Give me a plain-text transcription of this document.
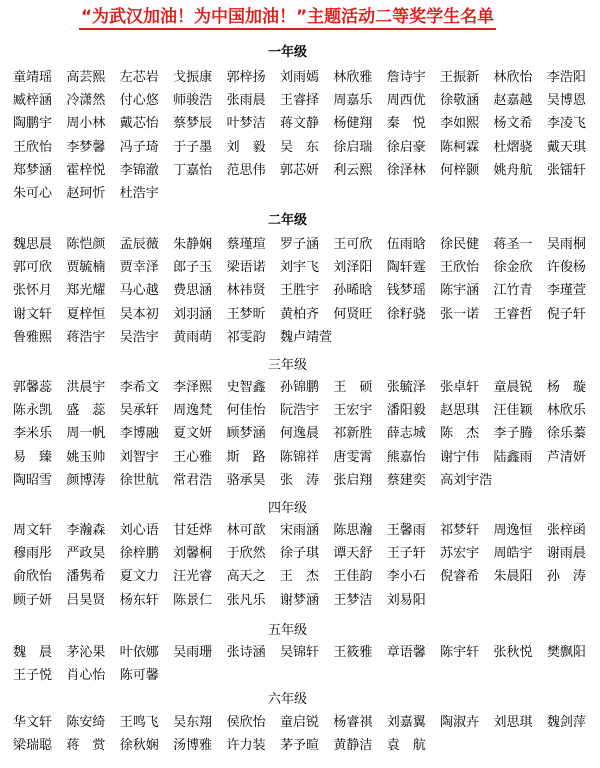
“为武汉加油！为中国加油！”主题活动二等奖学生名单
一年级
童靖瑶 高芸熙 左芯岩 戈振康 郭梓扬 刘雨嫣 林欣雅 詹诗宇 王振新 林欣怡 李浩阳
臧梓涵 冷潇然 付心悠 师骏浩 张雨晨 王睿择 周嘉乐 周西优 徐敬涵 赵嘉越 吴博恩
陶鹏宇 周小林 戴芯怡 蔡梦辰 叶梦洁 蒋文静 杨健翔 秦　悦 李如熙 杨文希 李凌飞
王欣怡 李梦馨 冯子琦 于子墨 刘　毅 吴　东 徐启瑞 徐启豪 陈柯霖 杜熠骁 戴天琪
郑梦涵 霍梓悦 李锦澈 丁嘉怡 范思伟 郭芯妍 利云熙 徐泽林 何梓颢 姚舟航 张镭轩
朱可心 赵珂忻 杜浩宇
二年级
魏思晨 陈恺颜 孟辰薇 朱静娴 蔡瑾瑄 罗子涵 王可欣 伍雨晗 徐民健 蒋圣一 吴雨桐
郭可欣 贾毓楠 贾幸泽 郎子玉 梁语诺 刘宇飞 刘泽阳 陶轩霆 王欣怡 徐金欣 许俊杨
张怀月 郑光耀 马心越 费思涵 林祎贤 王胜宇 孙晞晗 钱梦瑶 陈宇涵 江竹青 李瑾萱
谢文轩 夏梓恒 吴本初 刘羽涵 王梦昕 黄柏齐 何贤旺 徐籽骁 张一诺 王睿哲 倪子轩
鲁雅熙 蒋浩宇 吴浩宇 黄雨萌 祁雯韵 魏卢靖萱
三年级
郭馨蕊 洪晨宇 李希文 李泽熙 史智鑫 孙锦鹏 王　硕 张毓泽 张卓轩 童晨锐 杨　璇
陈永凯 盛　蕊 吴承轩 周逸梵 何佳怡 阮浩宇 王宏宇 潘阳毅 赵思琪 汪佳颖 林欣乐
李米乐 周一帆 李博融 夏文妍 顾梦涵 何逸晨 祁新胜 薛志城 陈　杰 李子腾 徐乐蓁
易　臻 姚玉帅 刘智宇 王心雅 斯　路 陈锦祥 唐雯霄 熊嘉怡 谢宁伟 陆鑫雨 芦清妍
陶昭雪 颜博涛 徐世航 常君浩 骆承昊 张　涛 张启翔 蔡建奕 高刘宇浩
四年级
周文轩 李瀚森 刘心语 甘廷烨 林可歆 宋雨涵 陈思瀚 王馨雨 祁梦轩 周逸恒 张梓函
穆雨彤 严政昊 徐梓鹏 刘馨桐 于欣然 徐子琪 谭天舒 王子轩 苏宏宇 周皓宇 谢雨晨
俞欣怡 潘隽希 夏文力 汪光睿 高天之 王　杰 王佳韵 李小石 倪睿希 朱晨阳 孙　涛
顾子妍 吕昊贤 杨东轩 陈景仁 张凡乐 谢梦涵 王梦洁 刘易阳
五年级
魏　晨 茅沁果 叶依娜 吴雨珊 张诗涵 吴锦轩 王筱雅 章语馨 陈宇轩 张秋悦 樊飘阳
王子悦 肖心怡 陈可馨
六年级
华文轩 陈安绮 王鸣飞 吴东翔 侯欣怡 童启锐 杨睿祺 刘嘉翼 陶淑卉 刘思琪 魏剑萍
梁瑞聪 蒋　赏 徐秋娴 汤博雅 许力装 茅予暄 黄静洁 袁　航
